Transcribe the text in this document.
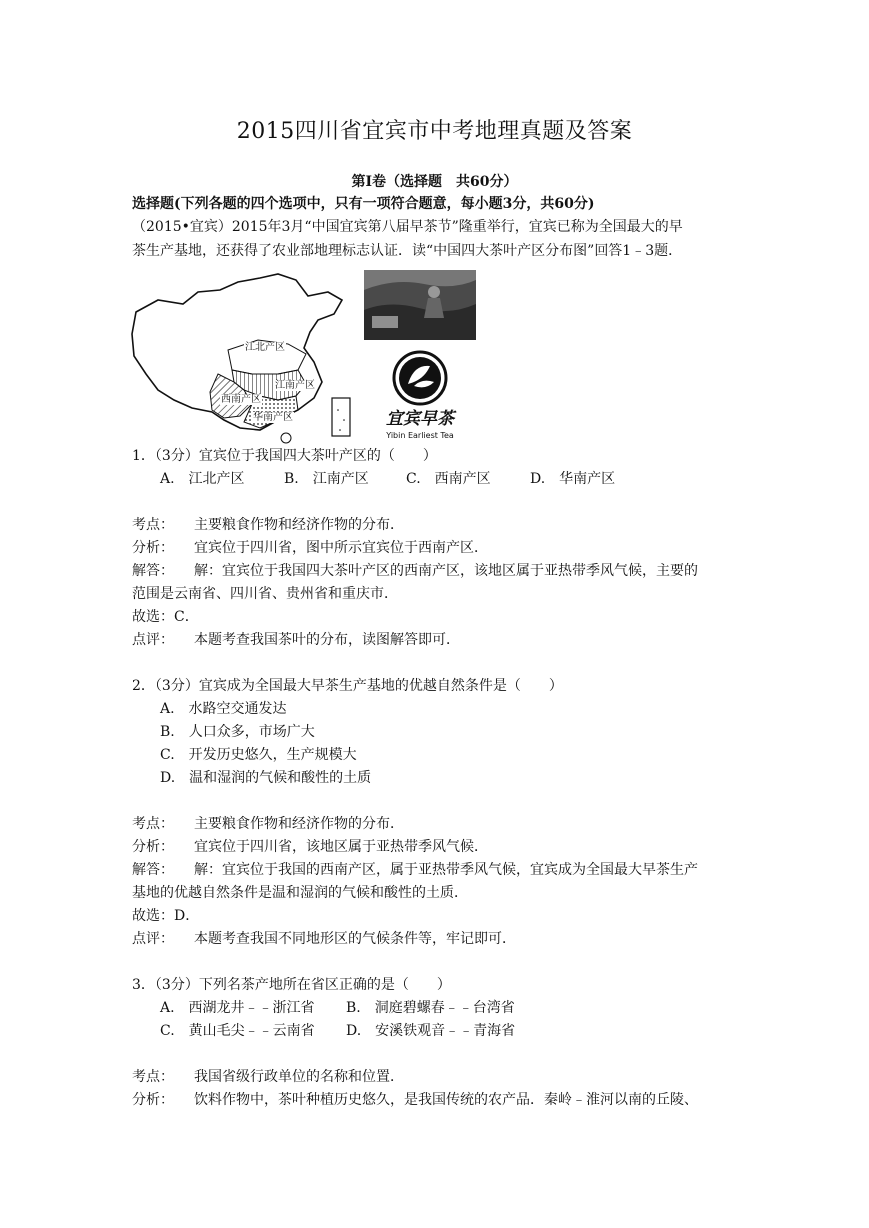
2015四川省宜宾市中考地理真题及答案
第Ⅰ卷（选择题　共60分）
选择题(下列各题的四个选项中，只有一项符合题意，每小题3分，共60分)
（2015•宜宾）2015年3月“中国宜宾第八届早茶节”隆重举行，宜宾已称为全国最大的早
茶生产基地，还获得了农业部地理标志认证．读“中国四大茶叶产区分布图”回答1﹣3题．
江北产区
江南产区
西南产区
华南产区	宜宾早茶
Yibin Earliest Tea
1．（3分）宜宾位于我国四大茶叶产区的（　　）
A.　江北产区	B.　江南产区	C.　西南产区	D.　华南产区
考点： 主要粮食作物和经济作物的分布．
分析： 宜宾位于四川省，图中所示宜宾位于西南产区．
解答： 解：宜宾位于我国四大茶叶产区的西南产区，该地区属于亚热带季风气候，主要的
范围是云南省、四川省、贵州省和重庆市．
故选：C．
点评： 本题考查我国茶叶的分布，读图解答即可．
2．（3分）宜宾成为全国最大早茶生产基地的优越自然条件是（　　）
A.　水路空交通发达
B.　人口众多，市场广大
C.　开发历史悠久，生产规模大
D.　温和湿润的气候和酸性的土质
考点： 主要粮食作物和经济作物的分布．
分析： 宜宾位于四川省，该地区属于亚热带季风气候．
解答： 解：宜宾位于我国的西南产区，属于亚热带季风气候，宜宾成为全国最大早茶生产
基地的优越自然条件是温和湿润的气候和酸性的土质．
故选：D．
点评： 本题考查我国不同地形区的气候条件等，牢记即可．
3．（3分）下列名茶产地所在省区正确的是（　　）
A.　西湖龙井﹣﹣浙江省 B.　洞庭碧螺春﹣﹣台湾省
C.　黄山毛尖﹣﹣云南省 D.　安溪铁观音﹣﹣青海省
考点： 我国省级行政单位的名称和位置．
分析： 饮料作物中，茶叶种植历史悠久，是我国传统的农产品．秦岭﹣淮河以南的丘陵、
